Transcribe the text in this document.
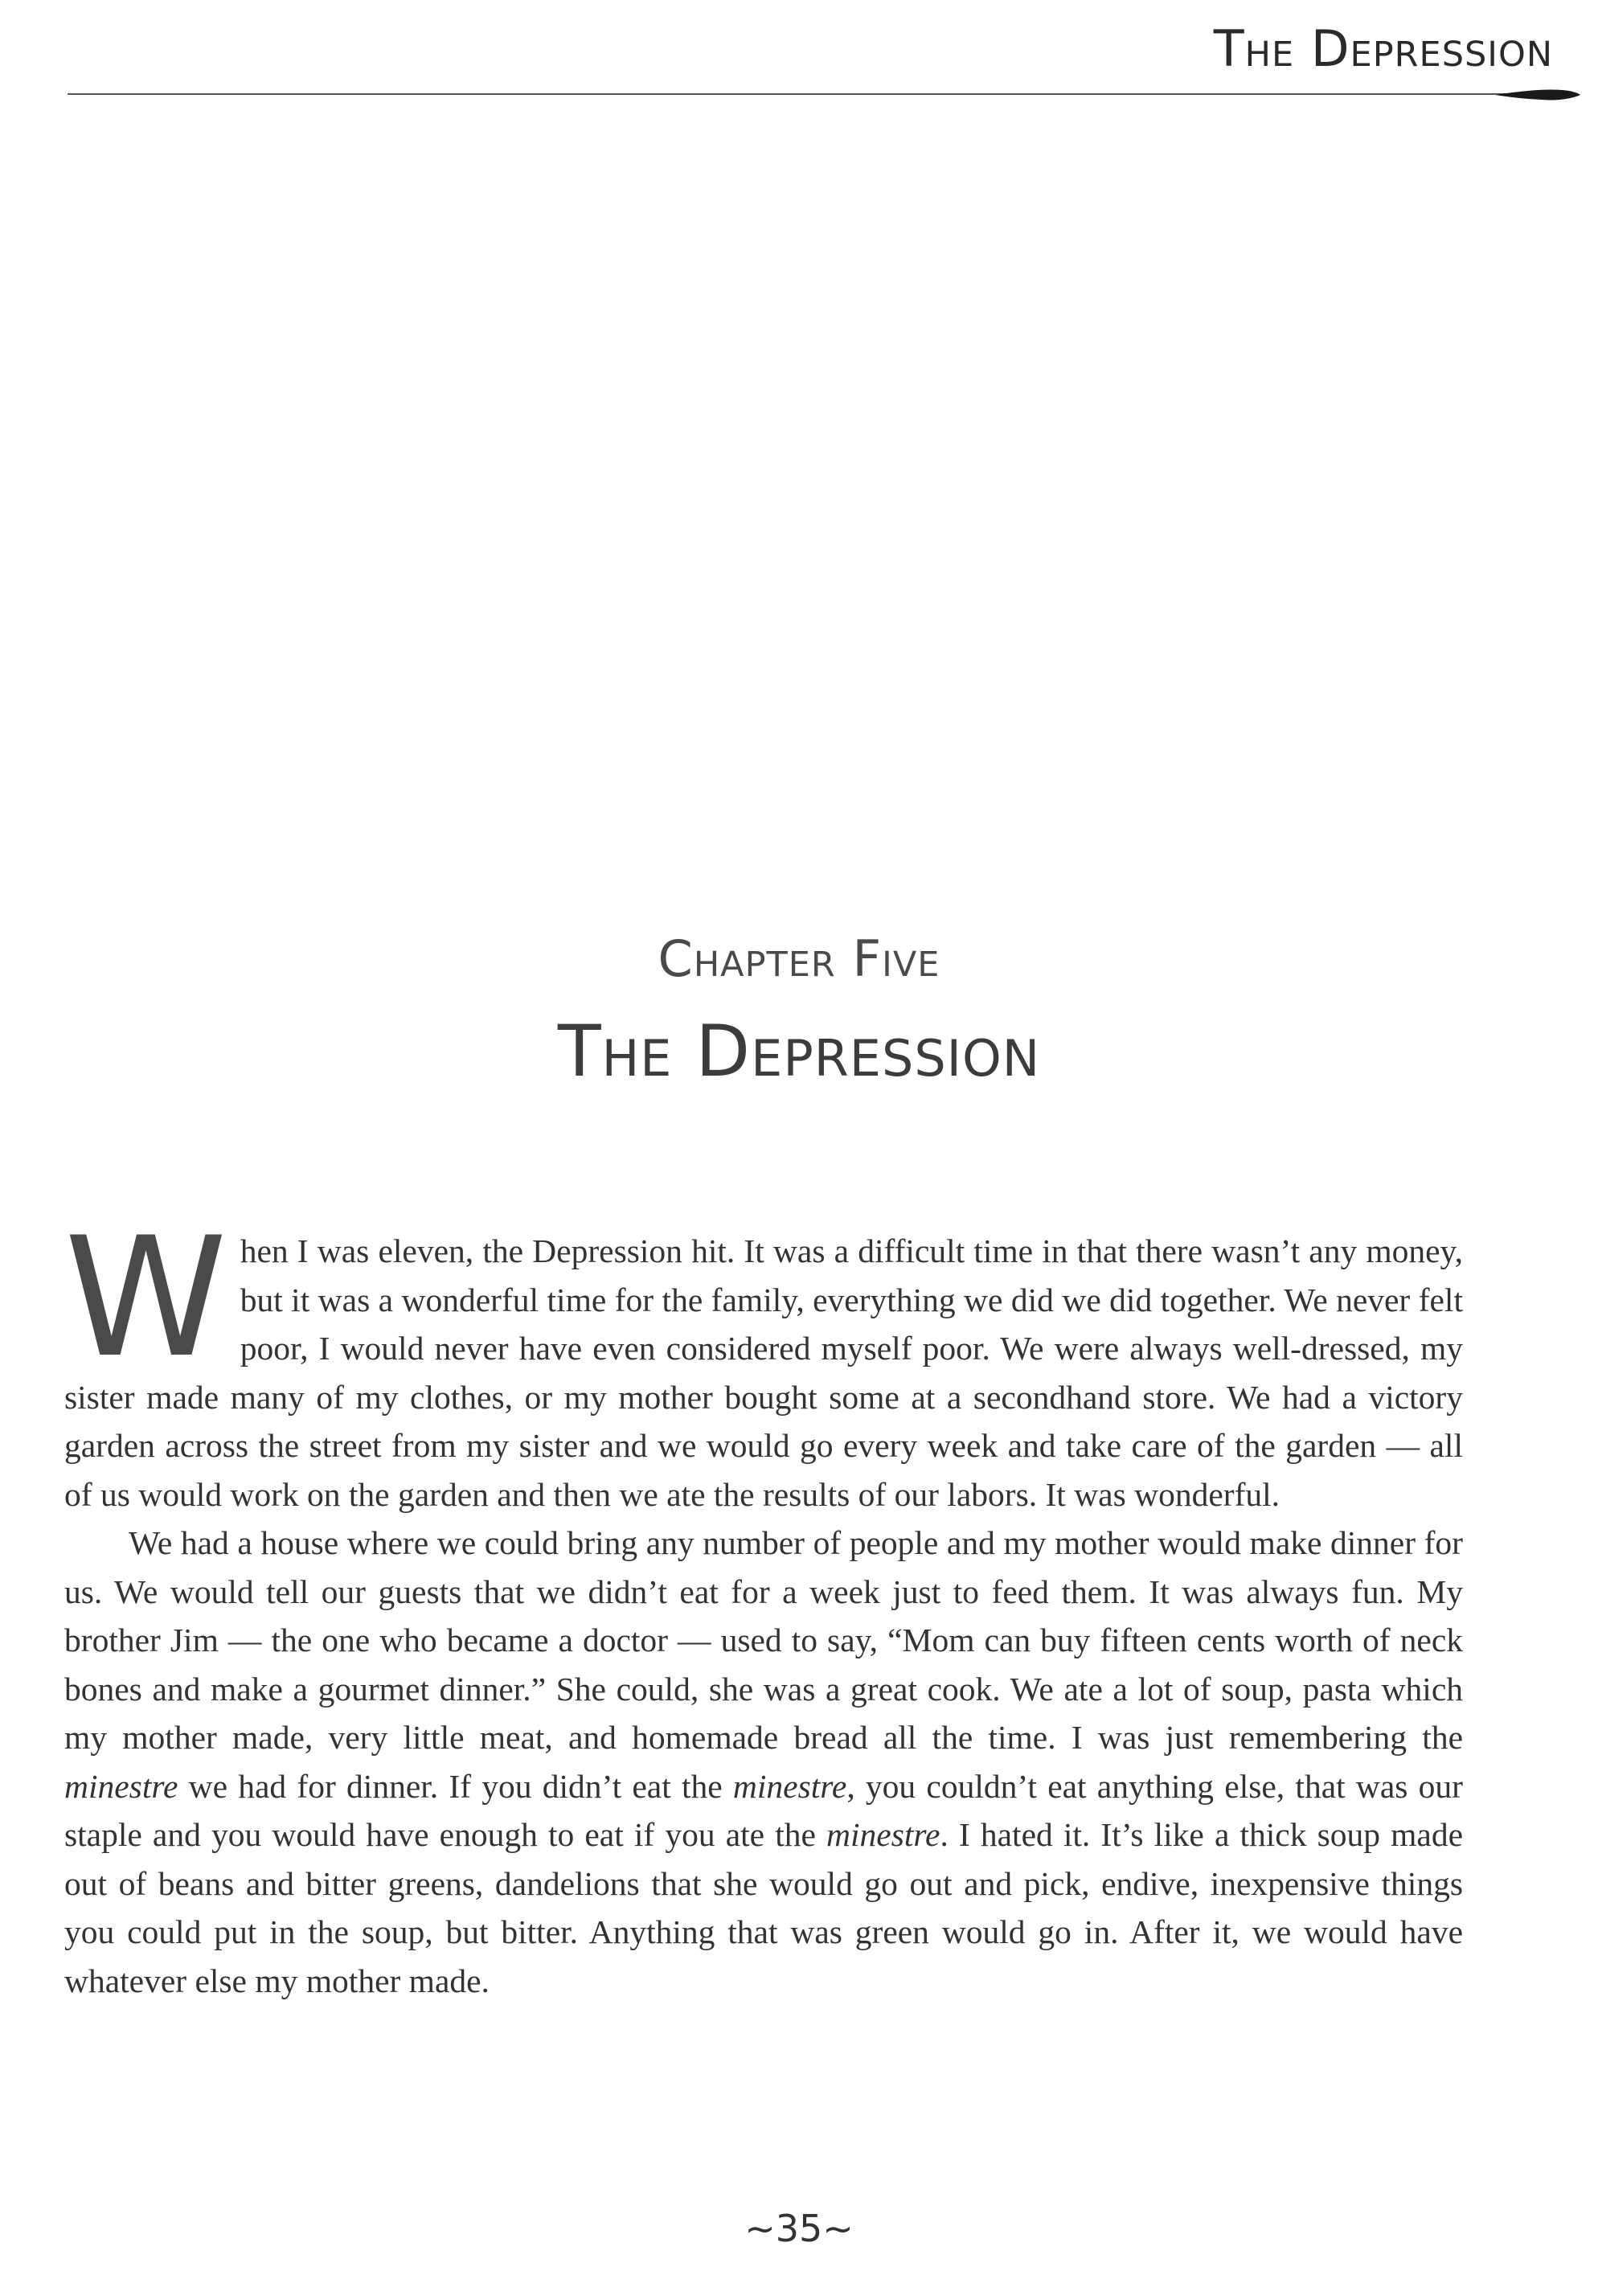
The Depression
Chapter Five
The Depression

W hen I was eleven, the Depression hit. It was a difficult time in that there wasn’t any money, but it was a wonderful time for the family, everything we did we did together. We never felt poor, I would never have even considered myself poor. We were always well-dressed, my sister made many of my clothes, or my mother bought some at a secondhand store. We had a victory garden across the street from my sister and we would go every week and take care of the garden — all of us would work on the garden and then we ate the results of our labors. It was wonderful.

We had a house where we could bring any number of people and my mother would make dinner for us. We would tell our guests that we didn’t eat for a week just to feed them. It was always fun. My brother Jim — the one who became a doctor — used to say, “Mom can buy fifteen cents worth of neck bones and make a gourmet dinner.” She could, she was a great cook. We ate a lot of soup, pasta which my mother made, very little meat, and homemade bread all the time. I was just remembering the minestre we had for dinner. If you didn’t eat the minestre, you couldn’t eat anything else, that was our staple and you would have enough to eat if you ate the minestre. I hated it. It’s like a thick soup made out of beans and bitter greens, dandelions that she would go out and pick, endive, inexpensive things you could put in the soup, but bitter. Anything that was green would go in. After it, we would have whatever else my mother made.

~35~
